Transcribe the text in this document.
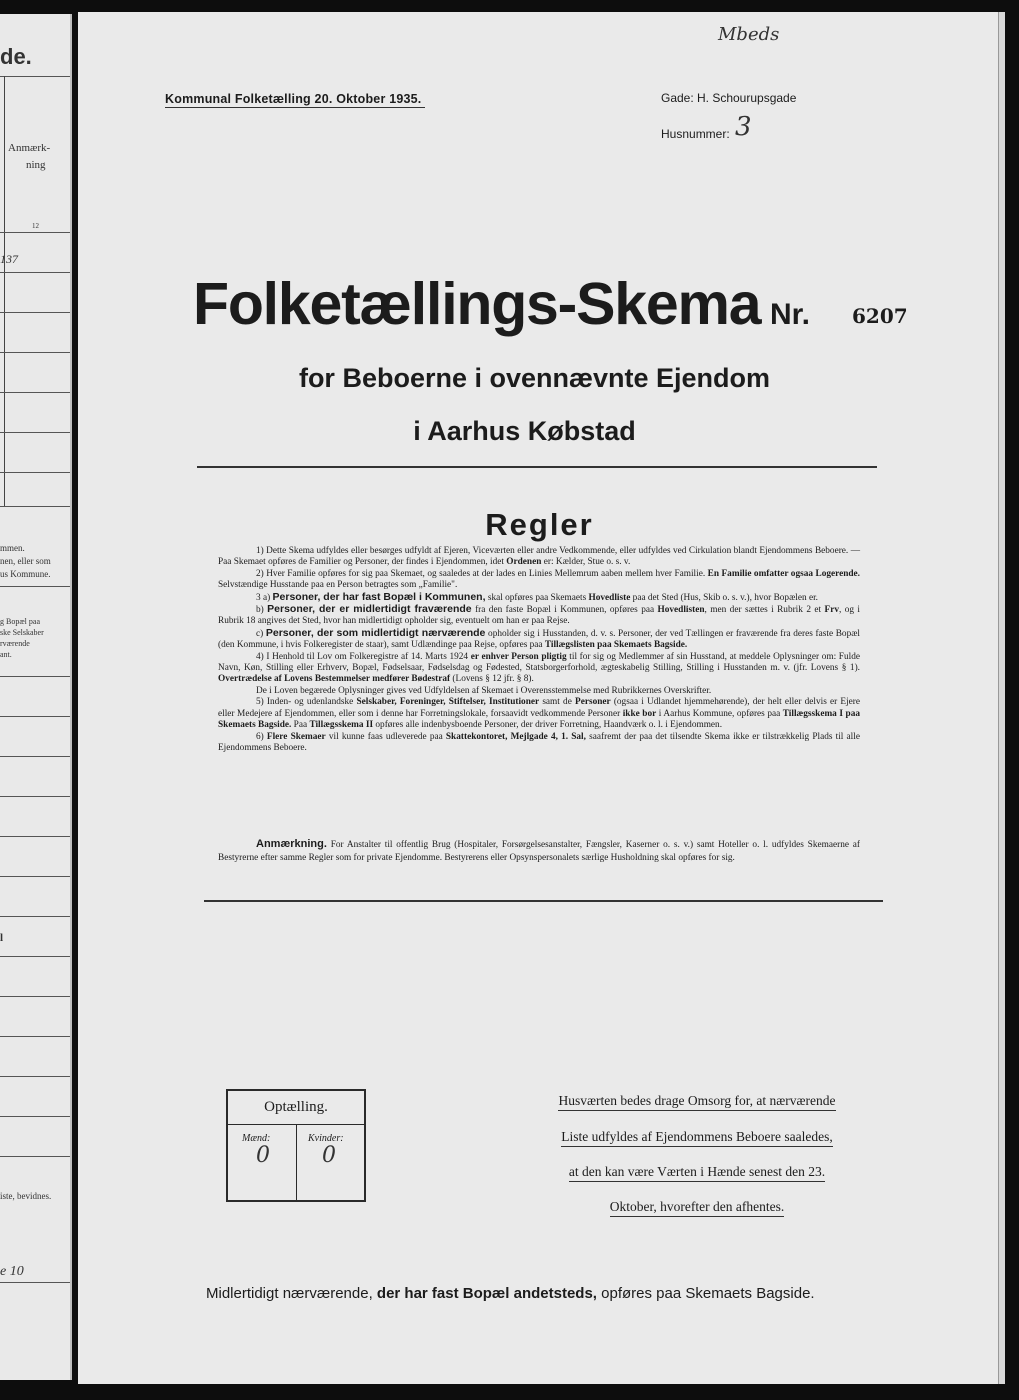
de.
Anmærk-
ning
12
137
mmen.
nen, eller som
us Kommune.
g Bopæl paa
ske Selskaber
rværende
ant.
l
iste, bevidnes.
e 10
Mbeds
Kommunal Folketælling 20. Oktober 1935.	Gade: H. Schourupsgade
Husnummer: 3
Folketællings-Skema Nr. 6207
for Beboerne i ovennævnte Ejendom
i Aarhus Købstad
Regler

1) Dette Skema udfyldes eller besørges udfyldt af Ejeren, Viceværten eller andre Vedkommende, eller udfyldes ved Cirkulation blandt Ejendommens Beboere. — Paa Skemaet opføres de Familier og Personer, der findes i Ejendommen, idet Ordenen er: Kælder, Stue o. s. v.

2) Hver Familie opføres for sig paa Skemaet, og saaledes at der lades en Linies Mellemrum aaben mellem hver Familie. En Familie omfatter ogsaa Logerende. Selvstændige Husstande paa en Person betragtes som „Familie".

3 a) Personer, der har fast Bopæl i Kommunen, skal opføres paa Skemaets Hovedliste paa det Sted (Hus, Skib o. s. v.), hvor Bopælen er.

b) Personer, der er midlertidigt fraværende fra den faste Bopæl i Kommunen, opføres paa Hovedlisten, men der sættes i Rubrik 2 et Frv, og i Rubrik 18 angives det Sted, hvor han midlertidigt opholder sig, eventuelt om han er paa Rejse.

c) Personer, der som midlertidigt nærværende opholder sig i Husstanden, d. v. s. Personer, der ved Tællingen er fraværende fra deres faste Bopæl (den Kommune, i hvis Folkeregister de staar), samt Udlændinge paa Rejse, opføres paa Tillægslisten paa Skemaets Bagside.

4) I Henhold til Lov om Folkeregistre af 14. Marts 1924 er enhver Person pligtig til for sig og Medlemmer af sin Husstand, at meddele Oplysninger om: Fulde Navn, Køn, Stilling eller Erhverv, Bopæl, Fødselsaar, Fødselsdag og Fødested, Statsborgerforhold, ægteskabelig Stilling, Stilling i Husstanden m. v. (jfr. Lovens § 1). Overtrædelse af Lovens Bestemmelser medfører Bødestraf (Lovens § 12 jfr. § 8).

De i Loven begærede Oplysninger gives ved Udfyldelsen af Skemaet i Overensstemmelse med Rubrikkernes Overskrifter.

5) Inden- og udenlandske Selskaber, Foreninger, Stiftelser, Institutioner samt de Personer (ogsaa i Udlandet hjemmehørende), der helt eller delvis er Ejere eller Medejere af Ejendommen, eller som i denne har Forretningslokale, forsaavidt vedkommende Personer ikke bor i Aarhus Kommune, opføres paa Tillægsskema I paa Skemaets Bagside. Paa Tillægsskema II opføres alle indenbysboende Personer, der driver Forretning, Haandværk o. l. i Ejendommen.

6) Flere Skemaer vil kunne faas udleverede paa Skattekontoret, Mejlgade 4, 1. Sal, saafremt der paa det tilsendte Skema ikke er tilstrækkelig Plads til alle Ejendommens Beboere.

Anmærkning. For Anstalter til offentlig Brug (Hospitaler, Forsørgelsesanstalter, Fængsler, Kaserner o. s. v.) samt Hoteller o. l. udfyldes Skemaerne af Bestyrerne efter samme Regler som for private Ejendomme. Bestyrerens eller Opsynspersonalets særlige Husholdning skal opføres for sig.

Optælling.
Mænd:	Kvinder:
0 0
Husværten bedes drage Omsorg for, at nærværende
Liste udfyldes af Ejendommens Beboere saaledes,
at den kan være Værten i Hænde senest den 23.
Oktober, hvorefter den afhentes.
Midlertidigt nærværende, der har fast Bopæl andetsteds, opføres paa Skemaets Bagside.
